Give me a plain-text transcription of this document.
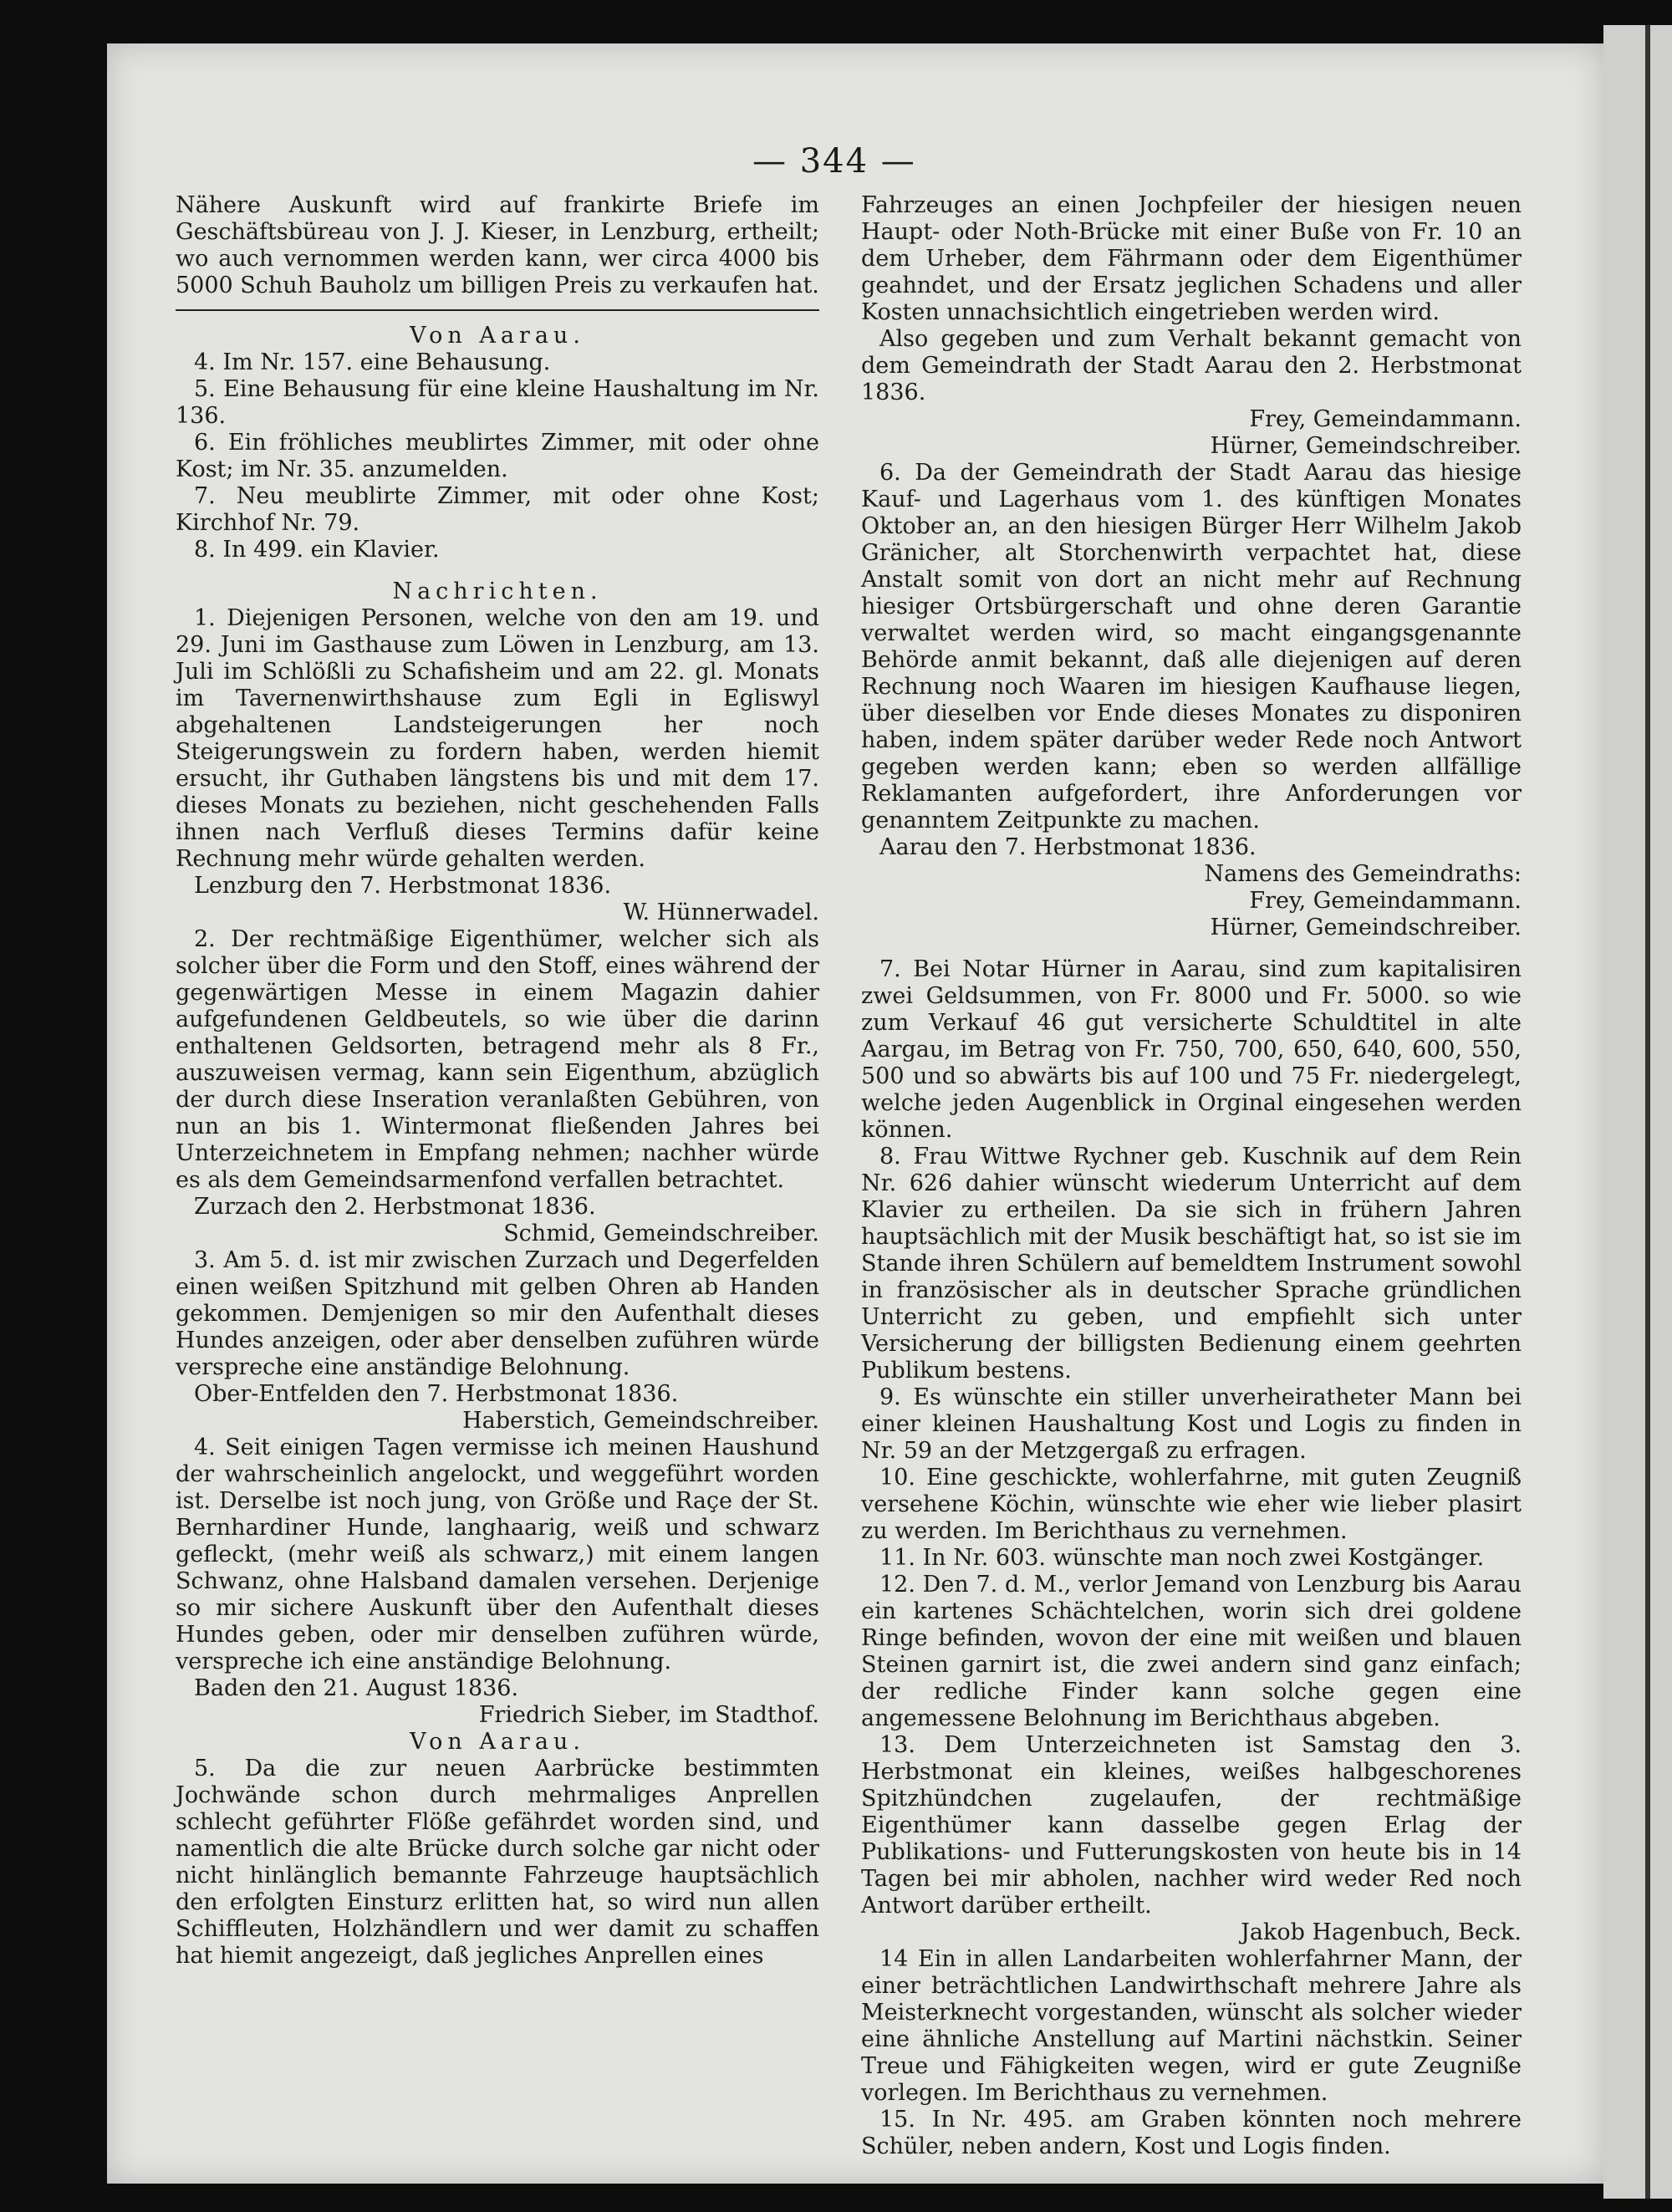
— 344 —

Nähere Auskunft wird auf frankirte Briefe im Geschäftsbüreau von J. J. Kieser, in Lenzburg, ertheilt; wo auch vernommen werden kann, wer circa 4000 bis 5000 Schuh Bauholz um billigen Preis zu verkaufen hat.

Von Aarau.

4. Im Nr. 157. eine Behausung.

5. Eine Behausung für eine kleine Haushaltung im Nr. 136.

6. Ein fröhliches meublirtes Zimmer, mit oder ohne Kost; im Nr. 35. anzumelden.

7. Neu meublirte Zimmer, mit oder ohne Kost; Kirchhof Nr. 79.

8. In 499. ein Klavier.

Nachrichten.

1. Diejenigen Personen, welche von den am 19. und 29. Juni im Gasthause zum Löwen in Lenzburg, am 13. Juli im Schlößli zu Schafisheim und am 22. gl. Monats im Tavernenwirthshause zum Egli in Egliswyl abgehaltenen Landsteigerungen her noch Steigerungswein zu fordern haben, werden hiemit ersucht, ihr Guthaben längstens bis und mit dem 17. dieses Monats zu beziehen, nicht geschehenden Falls ihnen nach Verfluß dieses Termins dafür keine Rechnung mehr würde gehalten werden.

Lenzburg den 7. Herbstmonat 1836.

W. Hünnerwadel.

2. Der rechtmäßige Eigenthümer, welcher sich als solcher über die Form und den Stoff, eines während der gegenwärtigen Messe in einem Magazin dahier aufgefundenen Geldbeutels, so wie über die darinn enthaltenen Geldsorten, betragend mehr als 8 Fr., auszuweisen vermag, kann sein Eigenthum, abzüglich der durch diese Inseration veranlaßten Gebühren, von nun an bis 1. Wintermonat fließenden Jahres bei Unterzeichnetem in Empfang nehmen; nachher würde es als dem Gemeindsarmenfond verfallen betrachtet.

Zurzach den 2. Herbstmonat 1836.

Schmid, Gemeindschreiber.

3. Am 5. d. ist mir zwischen Zurzach und Degerfelden einen weißen Spitzhund mit gelben Ohren ab Handen gekommen. Demjenigen so mir den Aufenthalt dieses Hundes anzeigen, oder aber denselben zuführen würde verspreche eine anständige Belohnung.

Ober-Entfelden den 7. Herbstmonat 1836.

Haberstich, Gemeindschreiber.

4. Seit einigen Tagen vermisse ich meinen Haushund der wahrscheinlich angelockt, und weggeführt worden ist. Derselbe ist noch jung, von Größe und Raçe der St. Bernhardiner Hunde, langhaarig, weiß und schwarz gefleckt, (mehr weiß als schwarz,) mit einem langen Schwanz, ohne Halsband damalen versehen. Derjenige so mir sichere Auskunft über den Aufenthalt dieses Hundes geben, oder mir denselben zuführen würde, verspreche ich eine anständige Belohnung.

Baden den 21. August 1836.

Friedrich Sieber, im Stadthof.

Von Aarau.

5. Da die zur neuen Aarbrücke bestimmten Jochwände schon durch mehrmaliges Anprellen schlecht geführter Flöße gefährdet worden sind, und namentlich die alte Brücke durch solche gar nicht oder nicht hinlänglich bemannte Fahrzeuge hauptsächlich den erfolgten Einsturz erlitten hat, so wird nun allen Schiffleuten, Holzhändlern und wer damit zu schaffen hat hiemit angezeigt, daß jegliches Anprellen eines

Fahrzeuges an einen Jochpfeiler der hiesigen neuen Haupt- oder Noth-Brücke mit einer Buße von Fr. 10 an dem Urheber, dem Fährmann oder dem Eigenthümer geahndet, und der Ersatz jeglichen Schadens und aller Kosten unnachsichtlich eingetrieben werden wird.

Also gegeben und zum Verhalt bekannt gemacht von dem Gemeindrath der Stadt Aarau den 2. Herbstmonat 1836.

Frey, Gemeindammann.

Hürner, Gemeindschreiber.

6. Da der Gemeindrath der Stadt Aarau das hiesige Kauf- und Lagerhaus vom 1. des künftigen Monates Oktober an, an den hiesigen Bürger Herr Wilhelm Jakob Gränicher, alt Storchenwirth verpachtet hat, diese Anstalt somit von dort an nicht mehr auf Rechnung hiesiger Ortsbürgerschaft und ohne deren Garantie verwaltet werden wird, so macht eingangsgenannte Behörde anmit bekannt, daß alle diejenigen auf deren Rechnung noch Waaren im hiesigen Kaufhause liegen, über dieselben vor Ende dieses Monates zu disponiren haben, indem später darüber weder Rede noch Antwort gegeben werden kann; eben so werden allfällige Reklamanten aufgefordert, ihre Anforderungen vor genanntem Zeitpunkte zu machen.

Aarau den 7. Herbstmonat 1836.

Namens des Gemeindraths:

Frey, Gemeindammann.

Hürner, Gemeindschreiber.

7. Bei Notar Hürner in Aarau, sind zum kapitalisiren zwei Geldsummen, von Fr. 8000 und Fr. 5000. so wie zum Verkauf 46 gut versicherte Schuldtitel in alte Aargau, im Betrag von Fr. 750, 700, 650, 640, 600, 550, 500 und so abwärts bis auf 100 und 75 Fr. niedergelegt, welche jeden Augenblick in Orginal eingesehen werden können.

8. Frau Wittwe Rychner geb. Kuschnik auf dem Rein Nr. 626 dahier wünscht wiederum Unterricht auf dem Klavier zu ertheilen. Da sie sich in frühern Jahren hauptsächlich mit der Musik beschäftigt hat, so ist sie im Stande ihren Schülern auf bemeldtem Instrument sowohl in französischer als in deutscher Sprache gründlichen Unterricht zu geben, und empfiehlt sich unter Versicherung der billigsten Bedienung einem geehrten Publikum bestens.

9. Es wünschte ein stiller unverheiratheter Mann bei einer kleinen Haushaltung Kost und Logis zu finden in Nr. 59 an der Metzgergaß zu erfragen.

10. Eine geschickte, wohlerfahrne, mit guten Zeugniß versehene Köchin, wünschte wie eher wie lieber plasirt zu werden. Im Berichthaus zu vernehmen.

11. In Nr. 603. wünschte man noch zwei Kostgänger.

12. Den 7. d. M., verlor Jemand von Lenzburg bis Aarau ein kartenes Schächtelchen, worin sich drei goldene Ringe befinden, wovon der eine mit weißen und blauen Steinen garnirt ist, die zwei andern sind ganz einfach; der redliche Finder kann solche gegen eine angemessene Belohnung im Berichthaus abgeben.

13. Dem Unterzeichneten ist Samstag den 3. Herbstmonat ein kleines, weißes halbgeschorenes Spitzhündchen zugelaufen, der rechtmäßige Eigenthümer kann dasselbe gegen Erlag der Publikations- und Futterungskosten von heute bis in 14 Tagen bei mir abholen, nachher wird weder Red noch Antwort darüber ertheilt.

Jakob Hagenbuch, Beck.

14 Ein in allen Landarbeiten wohlerfahrner Mann, der einer beträchtlichen Landwirthschaft mehrere Jahre als Meisterknecht vorgestanden, wünscht als solcher wieder eine ähnliche Anstellung auf Martini nächstkin. Seiner Treue und Fähigkeiten wegen, wird er gute Zeugniße vorlegen. Im Berichthaus zu vernehmen.

15. In Nr. 495. am Graben könnten noch mehrere Schüler, neben andern, Kost und Logis finden.
